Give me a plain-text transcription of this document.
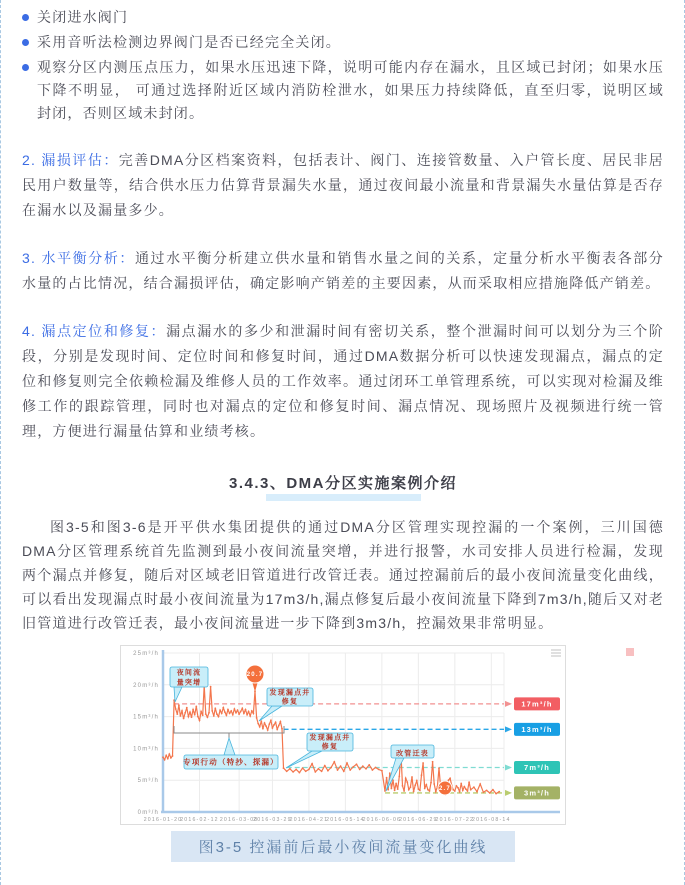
关闭进水阀门
采用音听法检测边界阀门是否已经完全关闭。
观察分区内测压点压力，如果水压迅速下降，说明可能内存在漏水，且区域已封闭；如果水压下降不明显， 可通过选择附近区域内消防栓泄水，如果压力持续降低，直至归零，说明区域封闭，否则区域未封闭。

2. 漏损评估：完善DMA分区档案资料，包括表计、阀门、连接管数量、入户管长度、居民非居民用户数量等，结合供水压力估算背景漏失水量，通过夜间最小流量和背景漏失水量估算是否存在漏水以及漏量多少。

3. 水平衡分析：通过水平衡分析建立供水量和销售水量之间的关系，定量分析水平衡表各部分水量的占比情况，结合漏损评估，确定影响产销差的主要因素，从而采取相应措施降低产销差。

4. 漏点定位和修复：漏点漏水的多少和泄漏时间有密切关系，整个泄漏时间可以划分为三个阶段，分别是发现时间、定位时间和修复时间，通过DMA数据分析可以快速发现漏点，漏点的定位和修复则完全依赖检漏及维修人员的工作效率。通过闭环工单管理系统，可以实现对检漏及维修工作的跟踪管理，同时也对漏点的定位和修复时间、漏点情况、现场照片及视频进行统一管理，方便进行漏量估算和业绩考核。

3.4.3、DMA分区实施案例介绍

图3-5和图3-6是开平供水集团提供的通过DMA分区管理实现控漏的一个案例，三川国德DMA分区管理系统首先监测到最小夜间流量突增，并进行报警，水司安排人员进行检漏，发现两个漏点并修复，随后对区域老旧管道进行改管迁表。通过控漏前后的最小夜间流量变化曲线，可以看出发现漏点时最小夜间流量为17m3/h,漏点修复后最小夜间流量下降到7m3/h,随后又对老旧管道进行改管迁表，最小夜间流量进一步下降到3m3/h，控漏效果非常明显。

0m³/h
5m³/h
10m³/h
15m³/h
20m³/h
25m³/h
2016-01-20
2016-02-12 2016-03-08
2016-03-29
2016-04-21
2016-05-14
2016-06-06
2016-06-29
2016-07-22
2016-08-14
17m³/h
13m³/h
7m³/h
3m³/h
专项行动（特抄、探漏）
夜间流
量突增
发现漏点并
修复
发现漏点并
修复
改管迁表
20.7
2.7
图3-5 控漏前后最小夜间流量变化曲线
